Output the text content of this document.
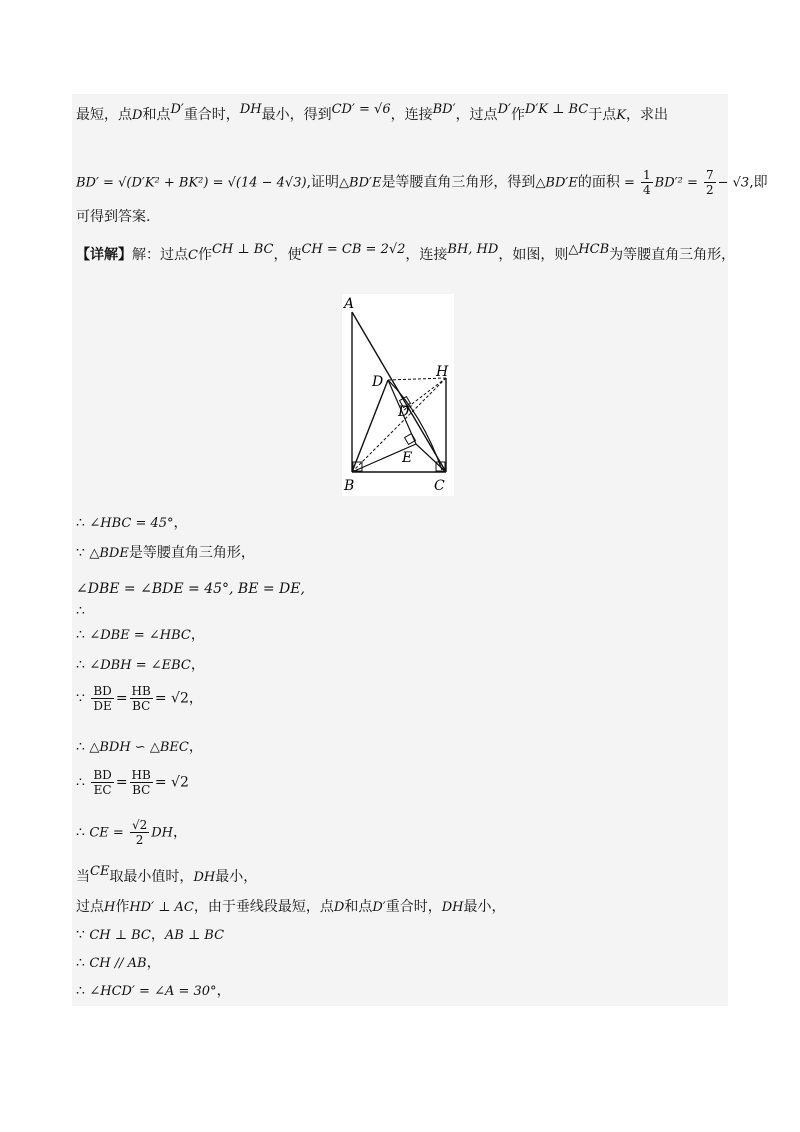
最短，点D和点D′重合时，DH最小，得到CD′ = √6，连接BD′，过点D′作D′K ⊥ BC于点K，求出
BD′ = √(D′K² + BK²) = √(14 − 4√3),证明△BD′E是等腰直角三角形，得到△BD′E的面积 = $\frac{1}{4} BD'^2 = \frac{7}{2} - √3$,即
可得到答案.
【详解】解：过点C作CH ⊥ BC，使CH = CB = 2√2，连接BH, HD，如图，则△HCB为等腰直角三角形，
A
D
H
D′
E
B	C
∴ ∠HBC = 45°，
∵ △BDE是等腰直角三角形，
∠DBE = ∠BDE = 45°, BE = DE,
∴
∴ ∠DBE = ∠HBC，
∴ ∠DBH = ∠EBC，
∵ $\frac{BD}{DE} = \frac{HB}{BC} = √2$，
∴ △BDH ∽ △BEC，
∴ $\frac{BD}{EC} = \frac{HB}{BC} = √2$
∴ CE = $\frac{√2}{2}$ DH，
当CE取最小值时，DH最小，
过点H作HD′ ⊥ AC，由于垂线段最短，点D和点D′重合时，DH最小，
∵ CH ⊥ BC，AB ⊥ BC
∴ CH // AB，
∴ ∠HCD′ = ∠A = 30°，
